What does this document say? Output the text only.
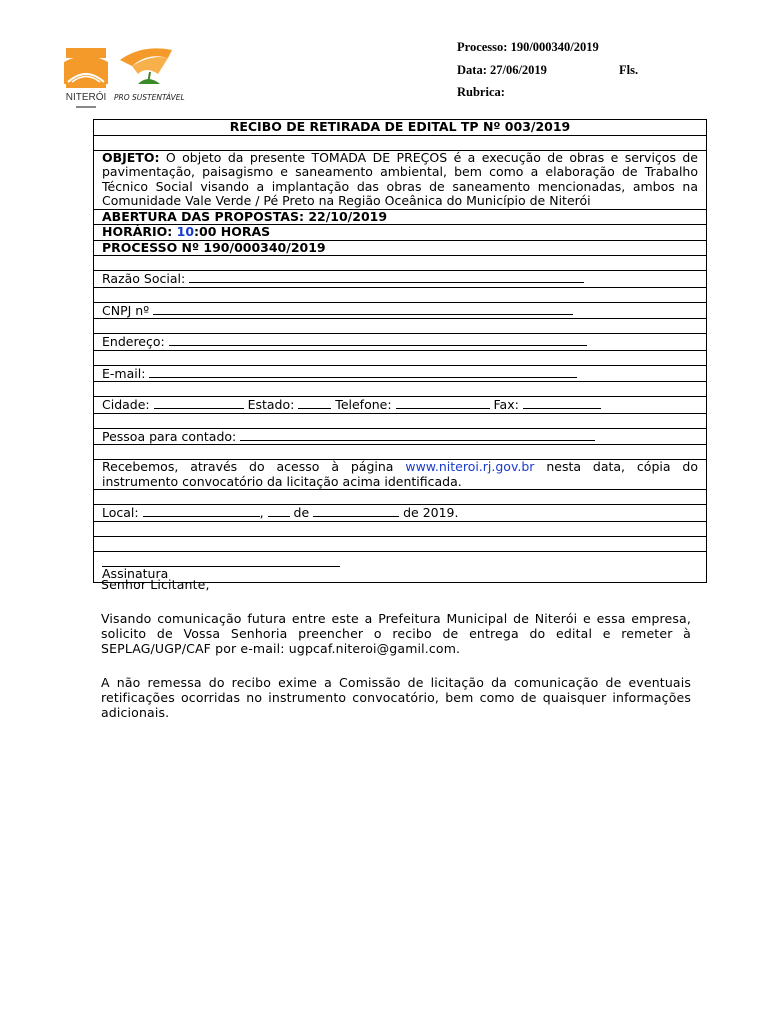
NITERÓI PRO SUSTENTÁVEL
Processo: 190/000340/2019
Data: 27/06/2019	Fls.
Rubrica:
RECIBO DE RETIRADA DE EDITAL TP Nº 003/2019

OBJETO: O objeto da presente TOMADA DE PREÇOS é a execução de obras e serviços de pavimentação, paisagismo e saneamento ambiental, bem como a elaboração de Trabalho Técnico Social visando a implantação das obras de saneamento mencionadas, ambos na Comunidade Vale Verde / Pé Preto na Região Oceânica do Município de Niterói
ABERTURA DAS PROPOSTAS: 22/10/2019
HORÁRIO: 10:00 HORAS
PROCESSO Nº 190/000340/2019

Razão Social:

CNPJ nº

Endereço:

E-mail:

Cidade:	Estado:	Telefone:	Fax:

Pessoa para contado:

Recebemos, através do acesso à página www.niteroi.rj.gov.br nesta data, cópia do instrumento convocatório da licitação acima identificada.

Local:	,  de	de 2019.

Assinatura
Senhor Licitante,
Visando comunicação futura entre este a Prefeitura Municipal de Niterói e essa empresa, solicito de Vossa Senhoria preencher o recibo de entrega do edital e remeter à SEPLAG/UGP/CAF por e-mail: ugpcaf.niteroi@gamil.com.
A não remessa do recibo exime a Comissão de licitação da comunicação de eventuais retificações ocorridas no instrumento convocatório, bem como de quaisquer informações adicionais.
